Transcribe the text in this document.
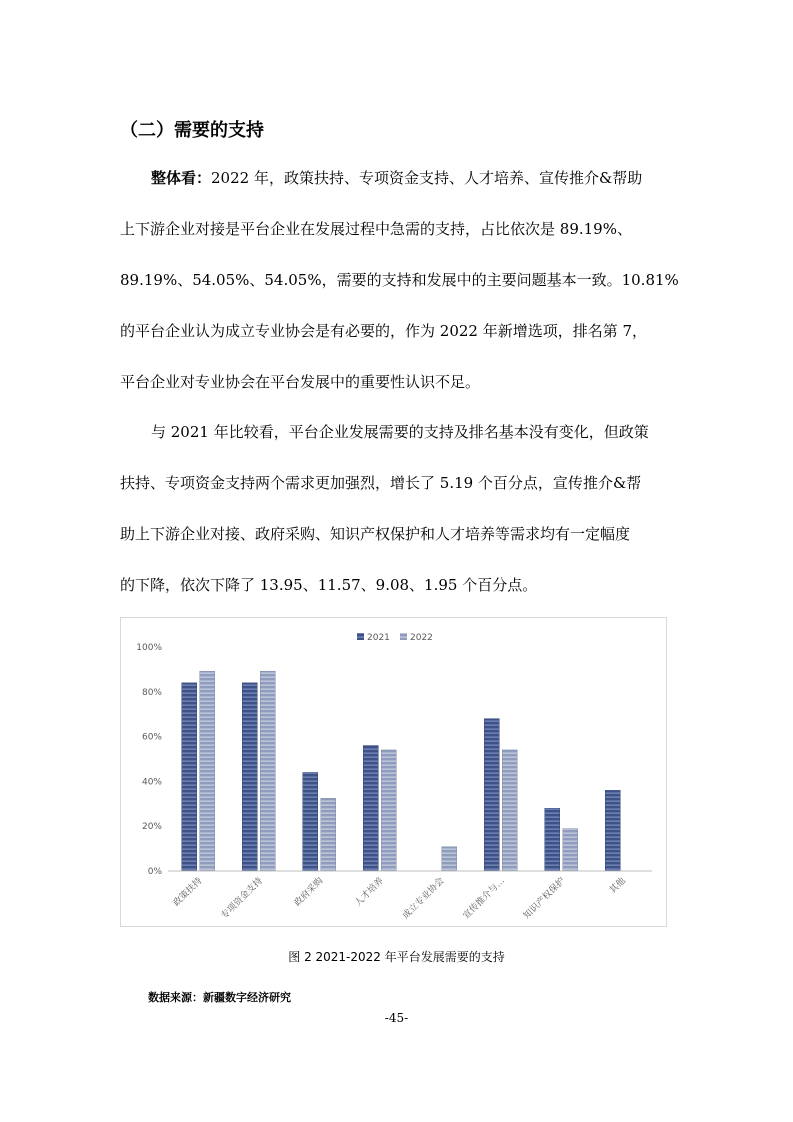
（二）需要的支持
整体看：2022 年，政策扶持、专项资金支持、人才培养、宣传推介&帮助
上下游企业对接是平台企业在发展过程中急需的支持，占比依次是 89.19%、
89.19%、54.05%、54.05%，需要的支持和发展中的主要问题基本一致。10.81%
的平台企业认为成立专业协会是有必要的，作为 2022 年新增选项，排名第 7，
平台企业对专业协会在平台发展中的重要性认识不足。
与 2021 年比较看，平台企业发展需要的支持及排名基本没有变化，但政策
扶持、专项资金支持两个需求更加强烈，增长了 5.19 个百分点，宣传推介&帮
助上下游企业对接、政府采购、知识产权保护和人才培养等需求均有一定幅度
的下降，依次下降了 13.95、11.57、9.08、1.95 个百分点。
2021 2022
0%
20%
40%
60%
80%
100%
政策扶持 专项资金支持	政府采购	人才培养 成立专业协会 宣传推介与… 知识产权保护	其他
图 2 2021-2022 年平台发展需要的支持
数据来源：新疆数字经济研究
-45-
